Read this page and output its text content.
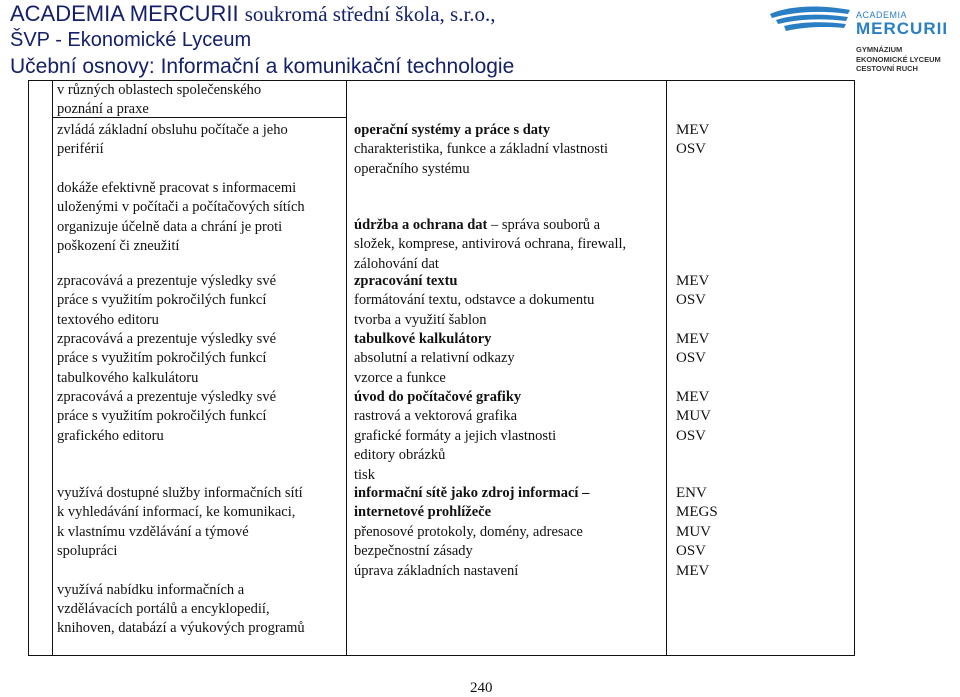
ACADEMIA MERCURII soukromá střední škola, s.r.o.,
ŠVP - Ekonomické Lyceum
Učební osnovy: Informační a komunikační technologie
ACADEMIA
MERCURII
GYMNÁZIUM
EKONOMICKÉ LYCEUM
CESTOVNÍ RUCH
v různých oblastech společenského
poznání a praxe
zvládá základní obsluhu počítače a jeho
periférií
dokáže efektivně pracovat s informacemi
uloženými v počítači a počítačových sítích
organizuje účelně data a chrání je proti
poškození či zneužití
zpracovává a prezentuje výsledky své
práce s využitím pokročilých funkcí
textového editoru
zpracovává a prezentuje výsledky své
práce s využitím pokročilých funkcí
tabulkového kalkulátoru
zpracovává a prezentuje výsledky své
práce s využitím pokročilých funkcí
grafického editoru
využívá dostupné služby informačních sítí
k vyhledávání informací, ke komunikaci,
k vlastnímu vzdělávání a týmové
spolupráci
využívá nabídku informačních a
vzdělávacích portálů a encyklopedií,
knihoven, databází a výukových programů
operační systémy a práce s daty
charakteristika, funkce a základní vlastnosti
operačního systému
údržba a ochrana dat – správa souborů a
složek, komprese, antivirová ochrana, firewall,
zálohování dat
zpracování textu
formátování textu, odstavce a dokumentu
tvorba a využití šablon
tabulkové kalkulátory
absolutní a relativní odkazy
vzorce a funkce
úvod do počítačové grafiky
rastrová a vektorová grafika
grafické formáty a jejich vlastnosti
editory obrázků
tisk
informační sítě jako zdroj informací –
internetové prohlížeče
přenosové protokoly, domény, adresace
bezpečnostní zásady
úprava základních nastavení
MEV
OSV
MEV
OSV
MEV
OSV
MEV
MUV
OSV
ENV
MEGS
MUV
OSV
MEV
240
